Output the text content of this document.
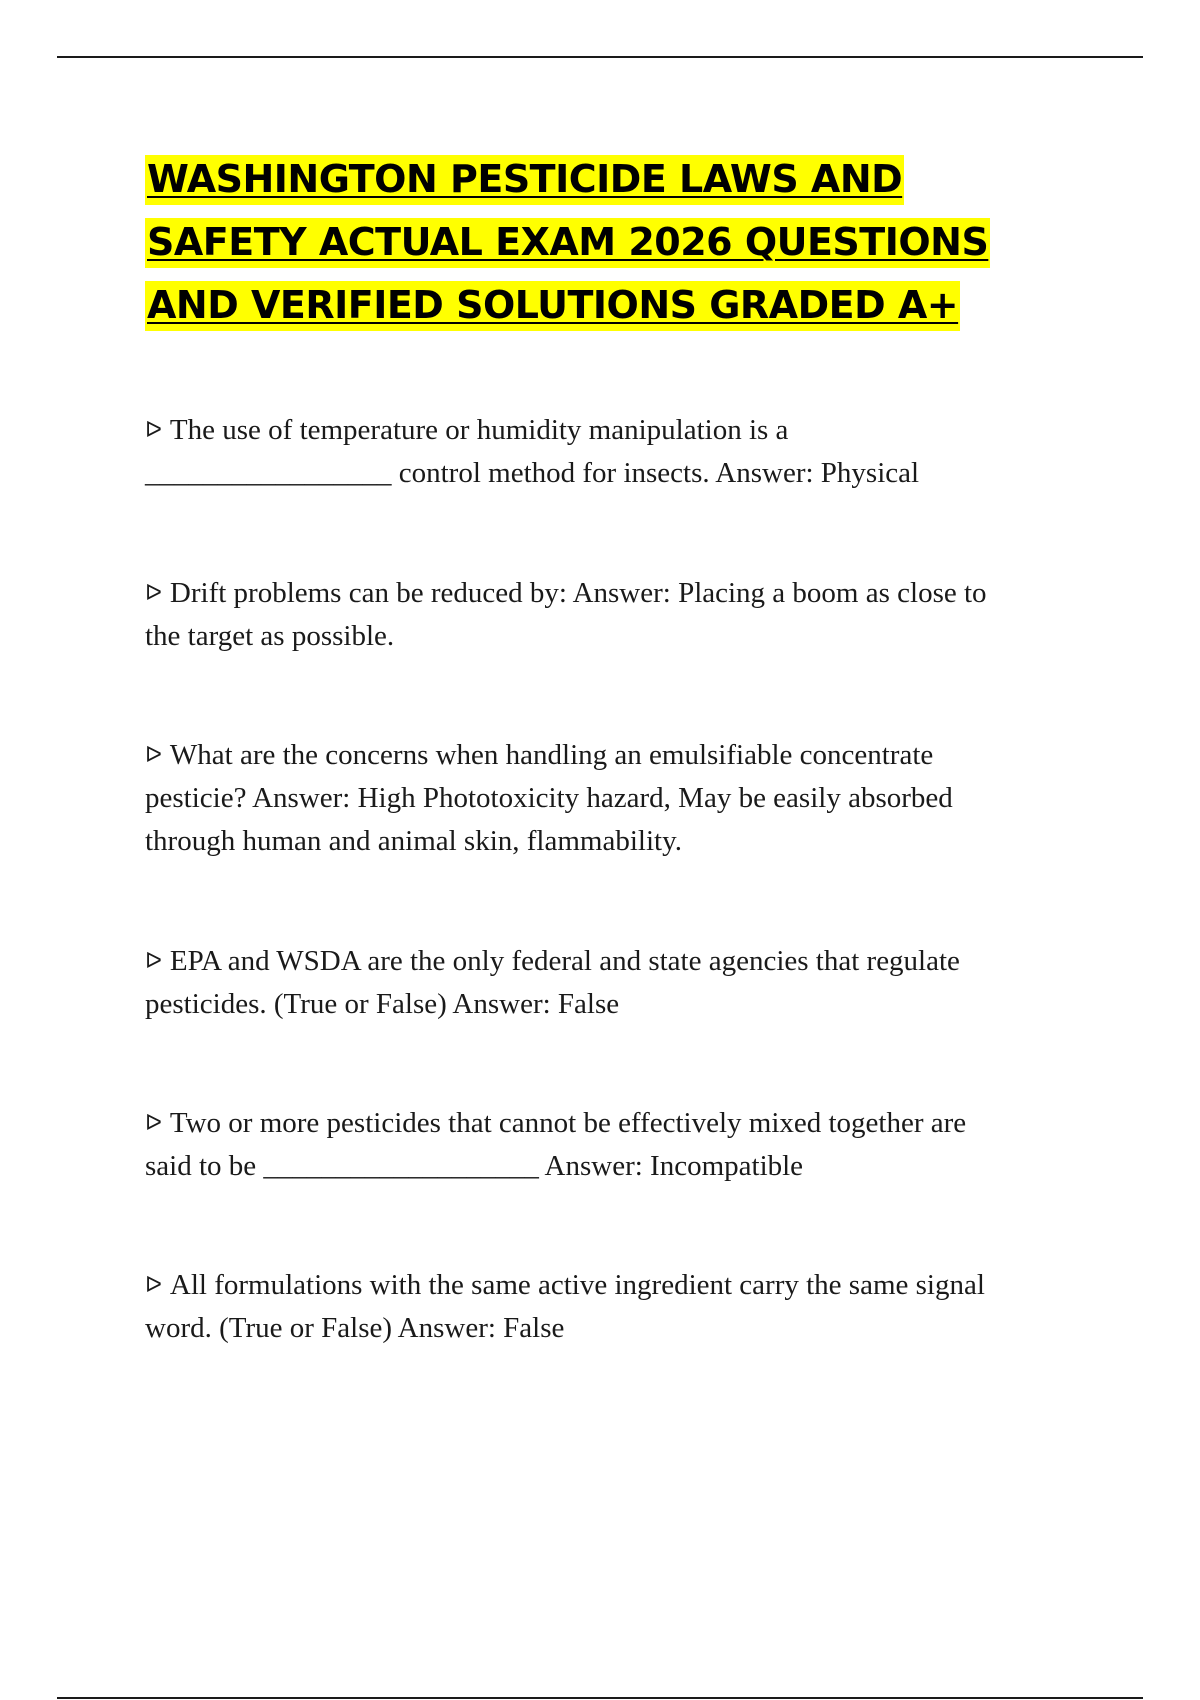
WASHINGTON PESTICIDE LAWS AND
SAFETY ACTUAL EXAM 2026 QUESTIONS
AND VERIFIED SOLUTIONS GRADED A+

ᐅ The use of temperature or humidity manipulation is a
_________________ control method for insects. Answer: Physical

ᐅ Drift problems can be reduced by: Answer: Placing a boom as close to
the target as possible.

ᐅ What are the concerns when handling an emulsifiable concentrate
pesticie? Answer: High Phototoxicity hazard, May be easily absorbed
through human and animal skin, flammability.

ᐅ EPA and WSDA are the only federal and state agencies that regulate
pesticides. (True or False) Answer: False

ᐅ Two or more pesticides that cannot be effectively mixed together are
said to be ___________________ Answer: Incompatible

ᐅ All formulations with the same active ingredient carry the same signal
word. (True or False) Answer: False
